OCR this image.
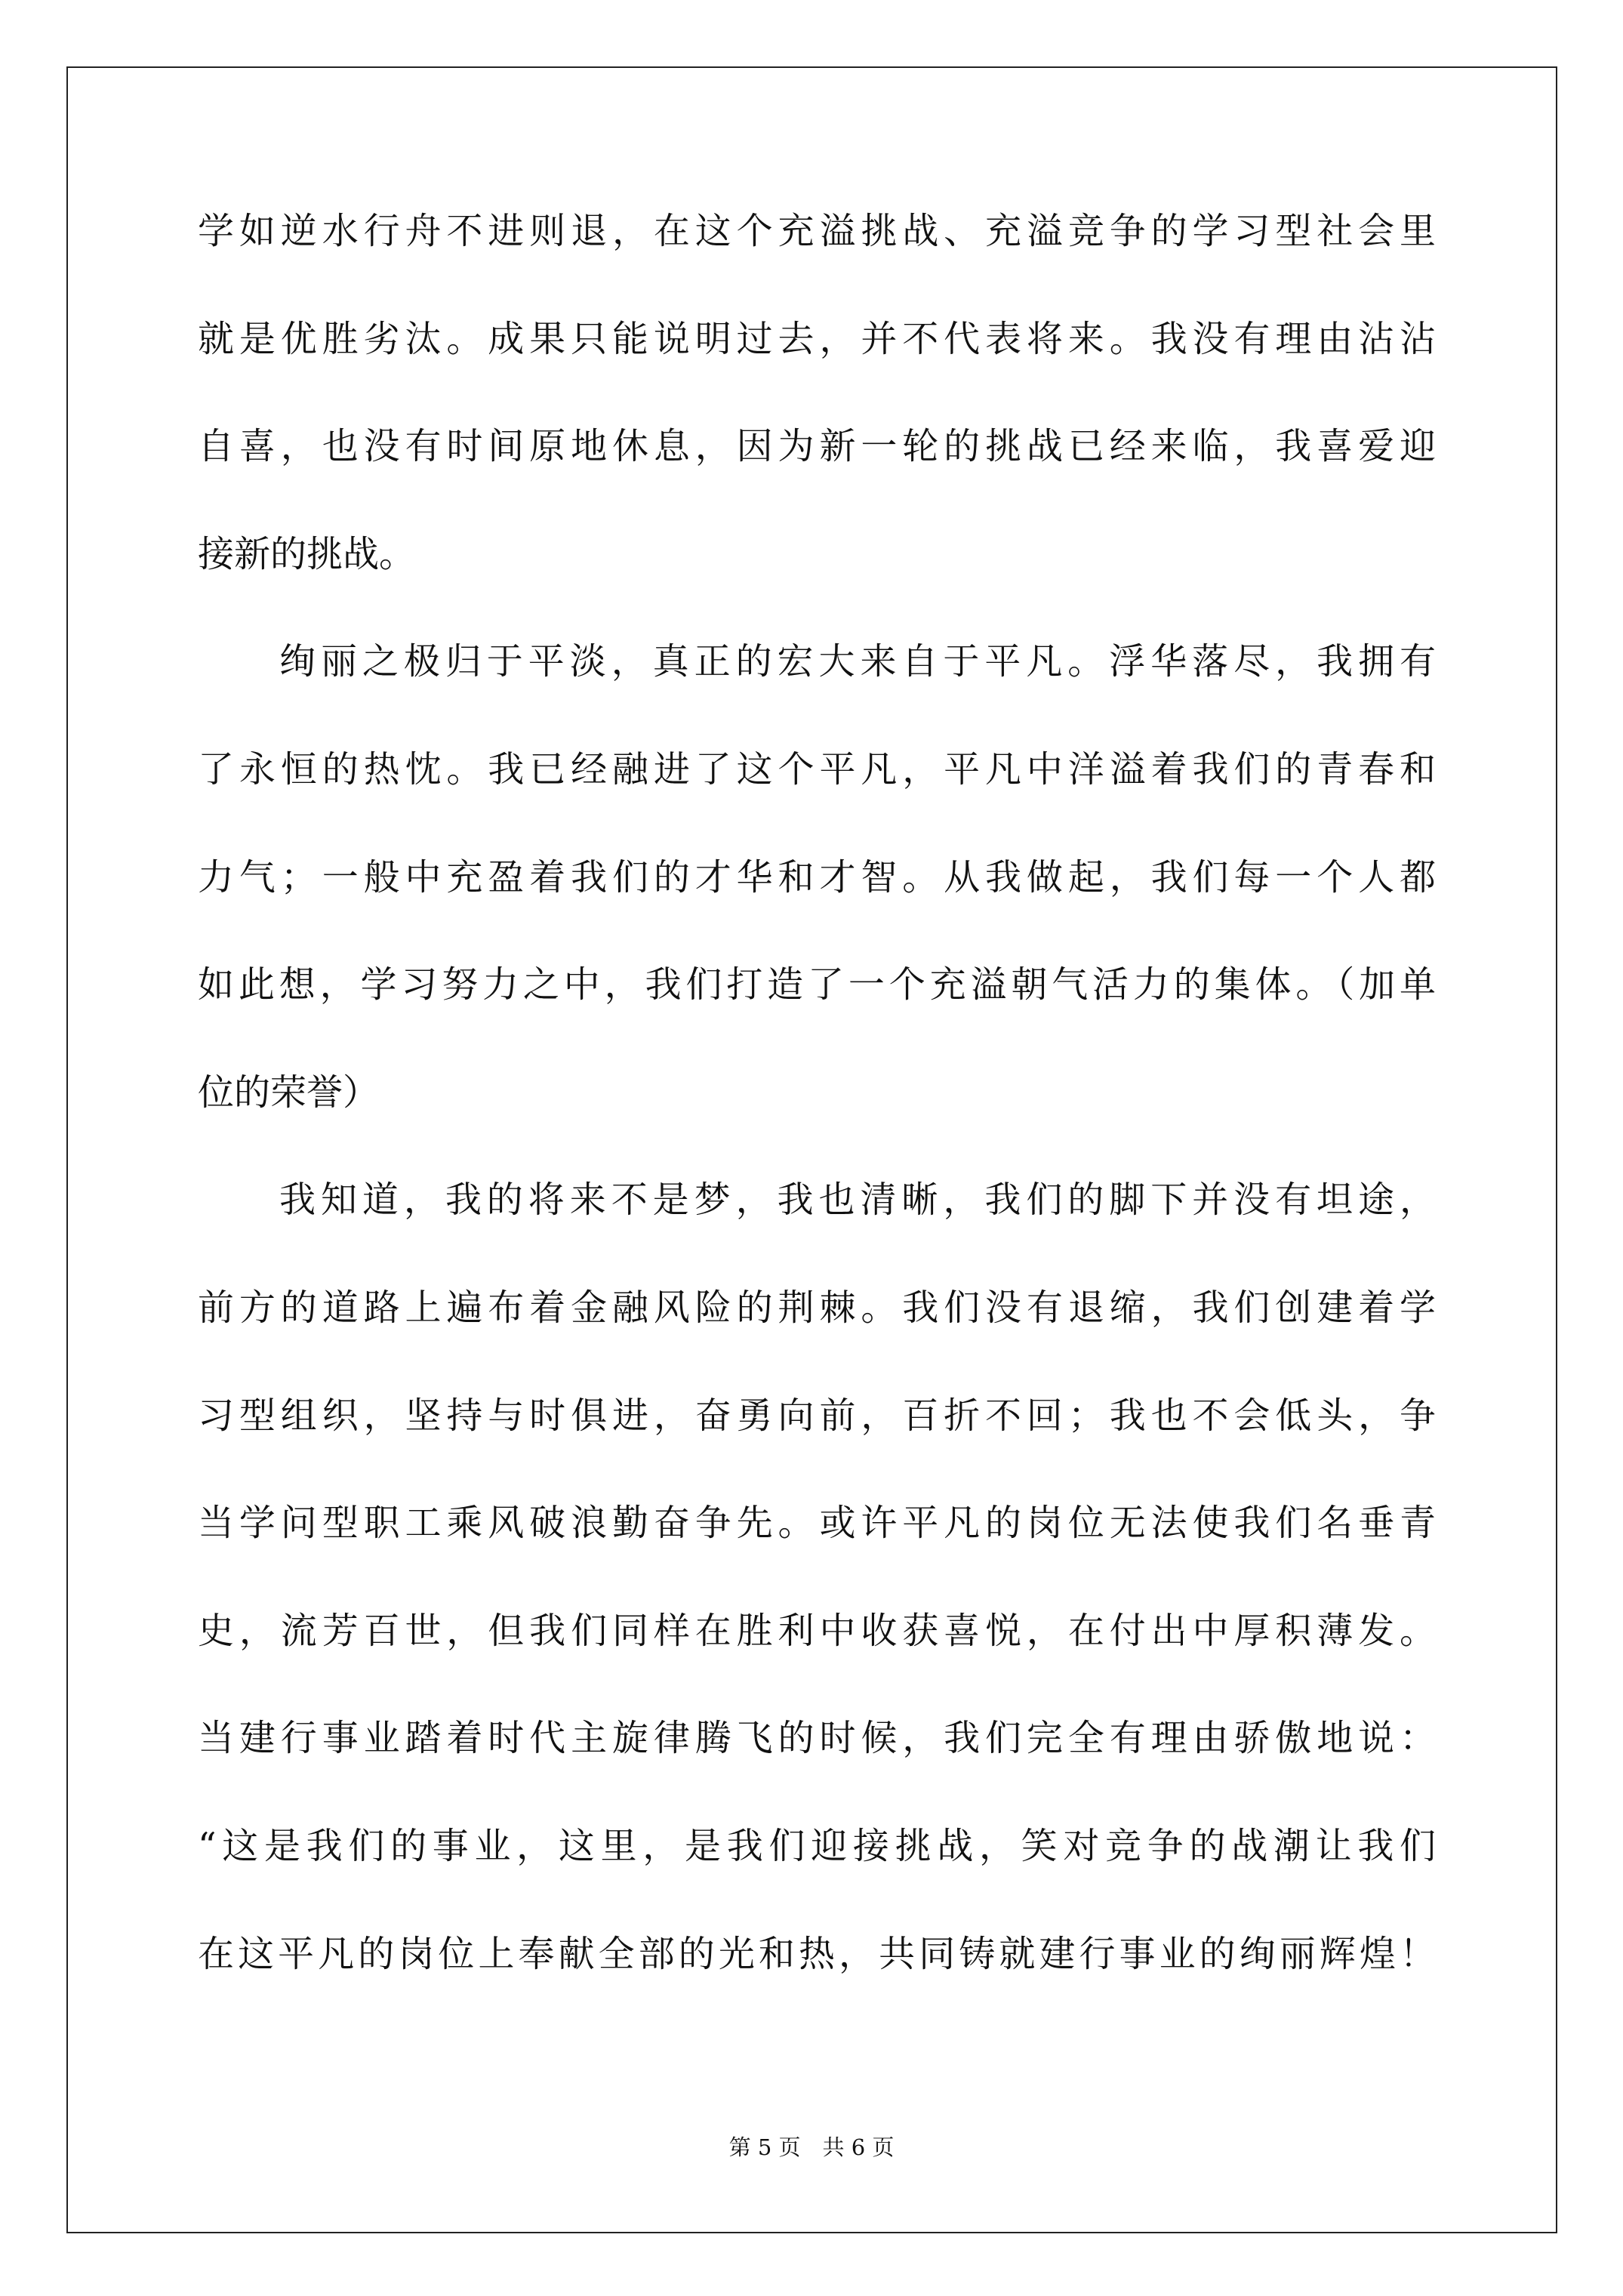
学如逆水行舟不进则退，在这个充溢挑战、充溢竞争的学习型社会里
就是优胜劣汰。成果只能说明过去，并不代表将来。我没有理由沾沾
自喜，也没有时间原地休息，因为新一轮的挑战已经来临，我喜爱迎
接新的挑战。
绚丽之极归于平淡，真正的宏大来自于平凡。浮华落尽，我拥有
了永恒的热忱。我已经融进了这个平凡，平凡中洋溢着我们的青春和
力气；一般中充盈着我们的才华和才智。从我做起，我们每一个人都
如此想，学习努力之中，我们打造了一个充溢朝气活力的集体。（加单
位的荣誉）
我知道，我的将来不是梦，我也清晰，我们的脚下并没有坦途，
前方的道路上遍布着金融风险的荆棘。我们没有退缩，我们创建着学
习型组织，坚持与时俱进，奋勇向前，百折不回；我也不会低头，争
当学问型职工乘风破浪勤奋争先。或许平凡的岗位无法使我们名垂青
史，流芳百世，但我们同样在胜利中收获喜悦，在付出中厚积薄发。
当建行事业踏着时代主旋律腾飞的时候，我们完全有理由骄傲地说：
“这是我们的事业，这里，是我们迎接挑战，笑对竞争的战潮让我们
在这平凡的岗位上奉献全部的光和热，共同铸就建行事业的绚丽辉煌！
第 5 页　共 6 页
